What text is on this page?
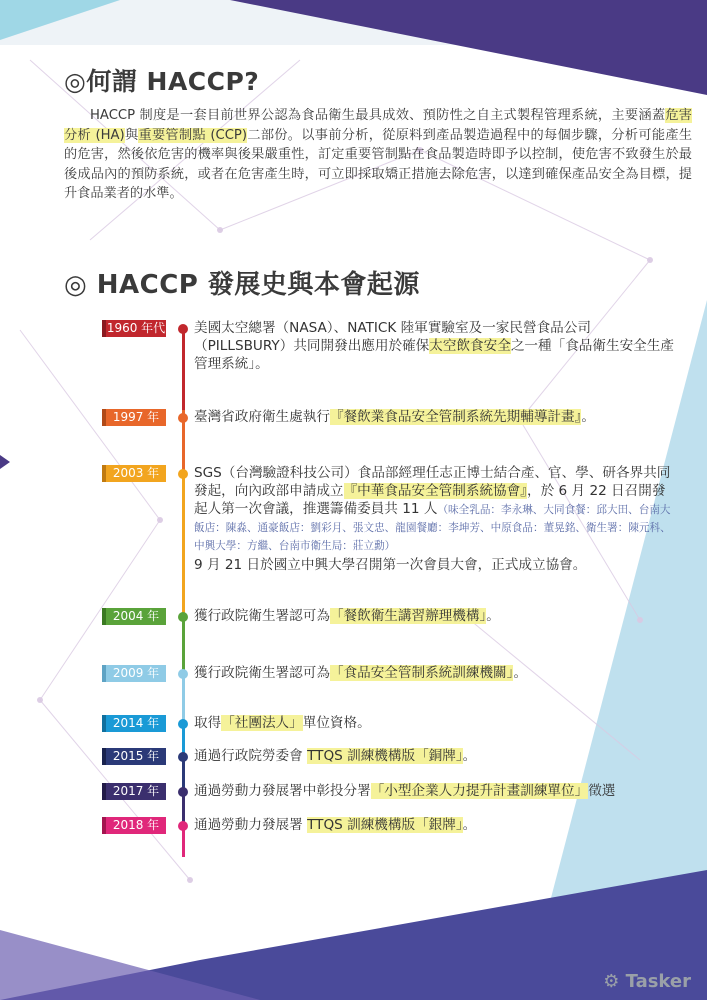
◎何謂 HACCP?
HACCP 制度是一套目前世界公認為食品衛生最具成效、預防性之自主式製程管理系統，主要涵蓋危害分析 (HA)與重要管制點 (CCP)二部份。以事前分析，從原料到產品製造過程中的每個步驟，分析可能產生的危害，然後依危害的機率與後果嚴重性，訂定重要管制點在食品製造時即予以控制，使危害不致發生於最後成品內的預防系統，或者在危害產生時，可立即採取矯正措施去除危害，以達到確保產品安全為目標，提升食品業者的水準。
◎ HACCP 發展史與本會起源
1960 年代 美國太空總署（NASA）、NATICK 陸軍實驗室及一家民營食品公司（PILLSBURY）共同開發出應用於確保太空飲食安全之一種「食品衛生安全生產管理系統」。
1997 年	臺灣省政府衛生處執行『餐飲業食品安全管制系統先期輔導計畫』。
2003 年	SGS（台灣驗證科技公司）食品部經理任志正博士結合產、官、學、研各界共同發起，向內政部申請成立『中華食品安全管制系統協會』，於 6 月 22 日召開發起人第一次會議，推選籌備委員共 11 人（味全乳品：李永琳、大同食餐：邱大田、台南大飯店：陳淼、通豪飯店：劉彩月、張文忠、龍園餐廳：李坤芳、中原食品：董晃銘、衛生署：陳元科、中興大學：方繼、台南市衛生局：莊立勳）
9 月 21 日於國立中興大學召開第一次會員大會，正式成立協會。
2004 年	獲行政院衛生署認可為「餐飲衛生講習辦理機構」。
2009 年	獲行政院衛生署認可為「食品安全管制系統訓練機關」。
2014 年	取得「社團法人」單位資格。
2015 年	通過行政院勞委會 TTQS 訓練機構版「銅牌」。
2017 年	通過勞動力發展署中彰投分署「小型企業人力提升計畫訓練單位」徵選
2018 年	通過勞動力發展署 TTQS 訓練機構版「銀牌」。
⚙ Tasker
